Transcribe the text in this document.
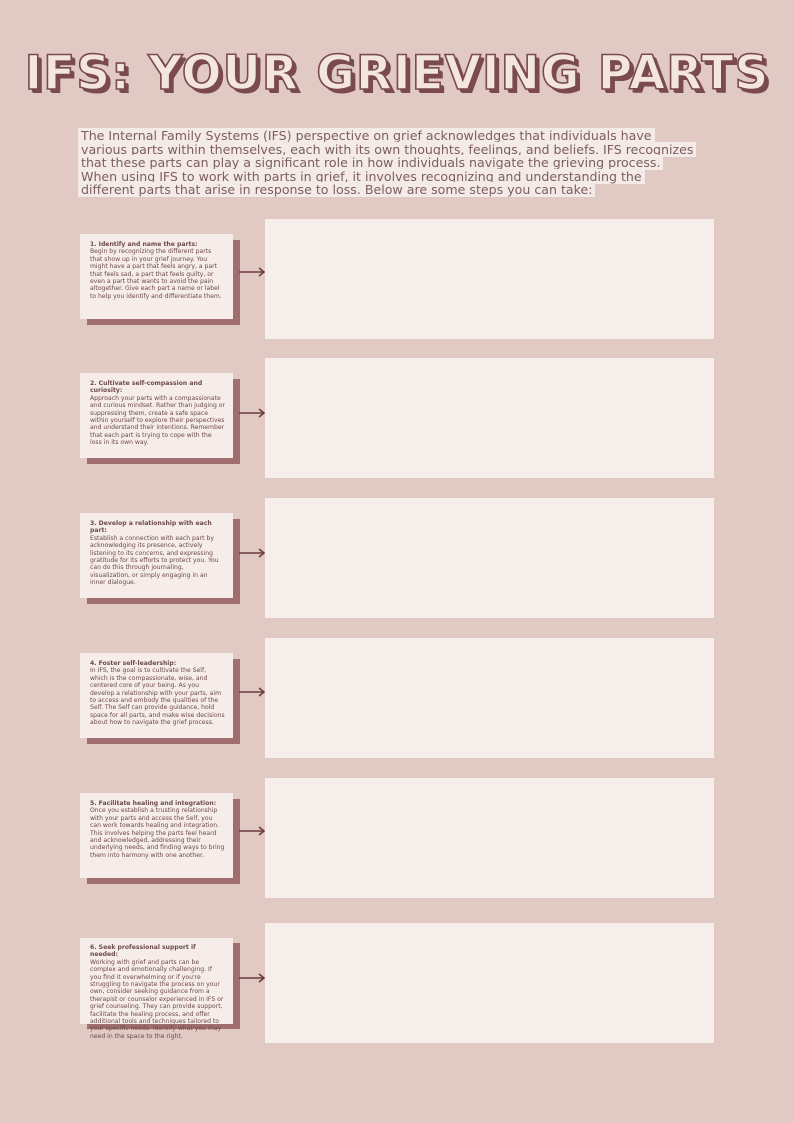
IFS: YOUR GRIEVING PARTS
The Internal Family Systems (IFS) perspective on grief acknowledges that individuals have various parts within themselves, each with its own thoughts, feelings, and beliefs. IFS recognizes that these parts can play a significant role in how individuals navigate the grieving process. When using IFS to work with parts in grief, it involves recognizing and understanding the different parts that arise in response to loss. Below are some steps you can take:
1. Identify and name the parts:
Begin by recognizing the different parts that show up in your grief journey. You might have a part that feels angry, a part that feels sad, a part that feels guilty, or even a part that wants to avoid the pain altogether. Give each part a name or label to help you identify and differentiate them.
2. Cultivate self-compassion and curiosity:
Approach your parts with a compassionate and curious mindset. Rather than judging or suppressing them, create a safe space within yourself to explore their perspectives and understand their intentions. Remember that each part is trying to cope with the loss in its own way.
3. Develop a relationship with each part:
Establish a connection with each part by acknowledging its presence, actively listening to its concerns, and expressing gratitude for its efforts to protect you. You can do this through journaling, visualization, or simply engaging in an inner dialogue.
4. Foster self-leadership:
In IFS, the goal is to cultivate the Self, which is the compassionate, wise, and centered core of your being. As you develop a relationship with your parts, aim to access and embody the qualities of the Self. The Self can provide guidance, hold space for all parts, and make wise decisions about how to navigate the grief process.
5. Facilitate healing and integration:
Once you establish a trusting relationship with your parts and access the Self, you can work towards healing and integration. This involves helping the parts feel heard and acknowledged, addressing their underlying needs, and finding ways to bring them into harmony with one another.
6. Seek professional support if needed:
Working with grief and parts can be complex and emotionally challenging. If you find it overwhelming or if you're struggling to navigate the process on your own, consider seeking guidance from a therapist or counselor experienced in IFS or grief counseling. They can provide support, facilitate the healing process, and offer additional tools and techniques tailored to your specific needs. Identify what you may need in the space to the right.
